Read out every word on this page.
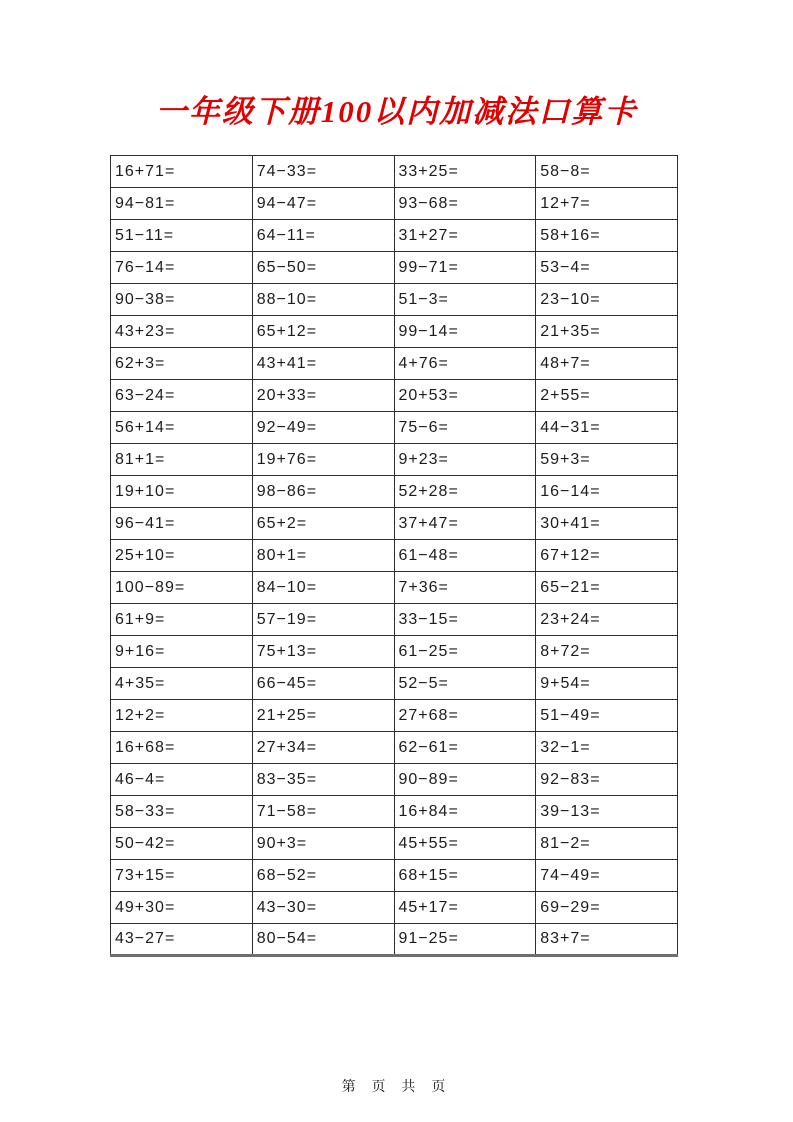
一年级下册100以内加减法口算卡
16+71=	74−33=	33+25=	58−8=
94−81=	94−47=	93−68=	12+7=
51−11=	64−11=	31+27=	58+16=
76−14=	65−50=	99−71=	53−4=
90−38=	88−10=	51−3=	23−10=
43+23=	65+12=	99−14=	21+35=
62+3=	43+41=	4+76=	48+7=
63−24=	20+33=	20+53=	2+55=
56+14=	92−49=	75−6=	44−31=
81+1=	19+76=	9+23=	59+3=
19+10=	98−86=	52+28=	16−14=
96−41=	65+2=	37+47=	30+41=
25+10=	80+1=	61−48=	67+12=
100−89=	84−10=	7+36=	65−21=
61+9=	57−19=	33−15=	23+24=
9+16=	75+13=	61−25=	8+72=
4+35=	66−45=	52−5=	9+54=
12+2=	21+25=	27+68=	51−49=
16+68=	27+34=	62−61=	32−1=
46−4=	83−35=	90−89=	92−83=
58−33=	71−58=	16+84=	39−13=
50−42=	90+3=	45+55=	81−2=
73+15=	68−52=	68+15=	74−49=
49+30=	43−30=	45+17=	69−29=
43−27=	80−54=	91−25=	83+7=
第 页 共 页
